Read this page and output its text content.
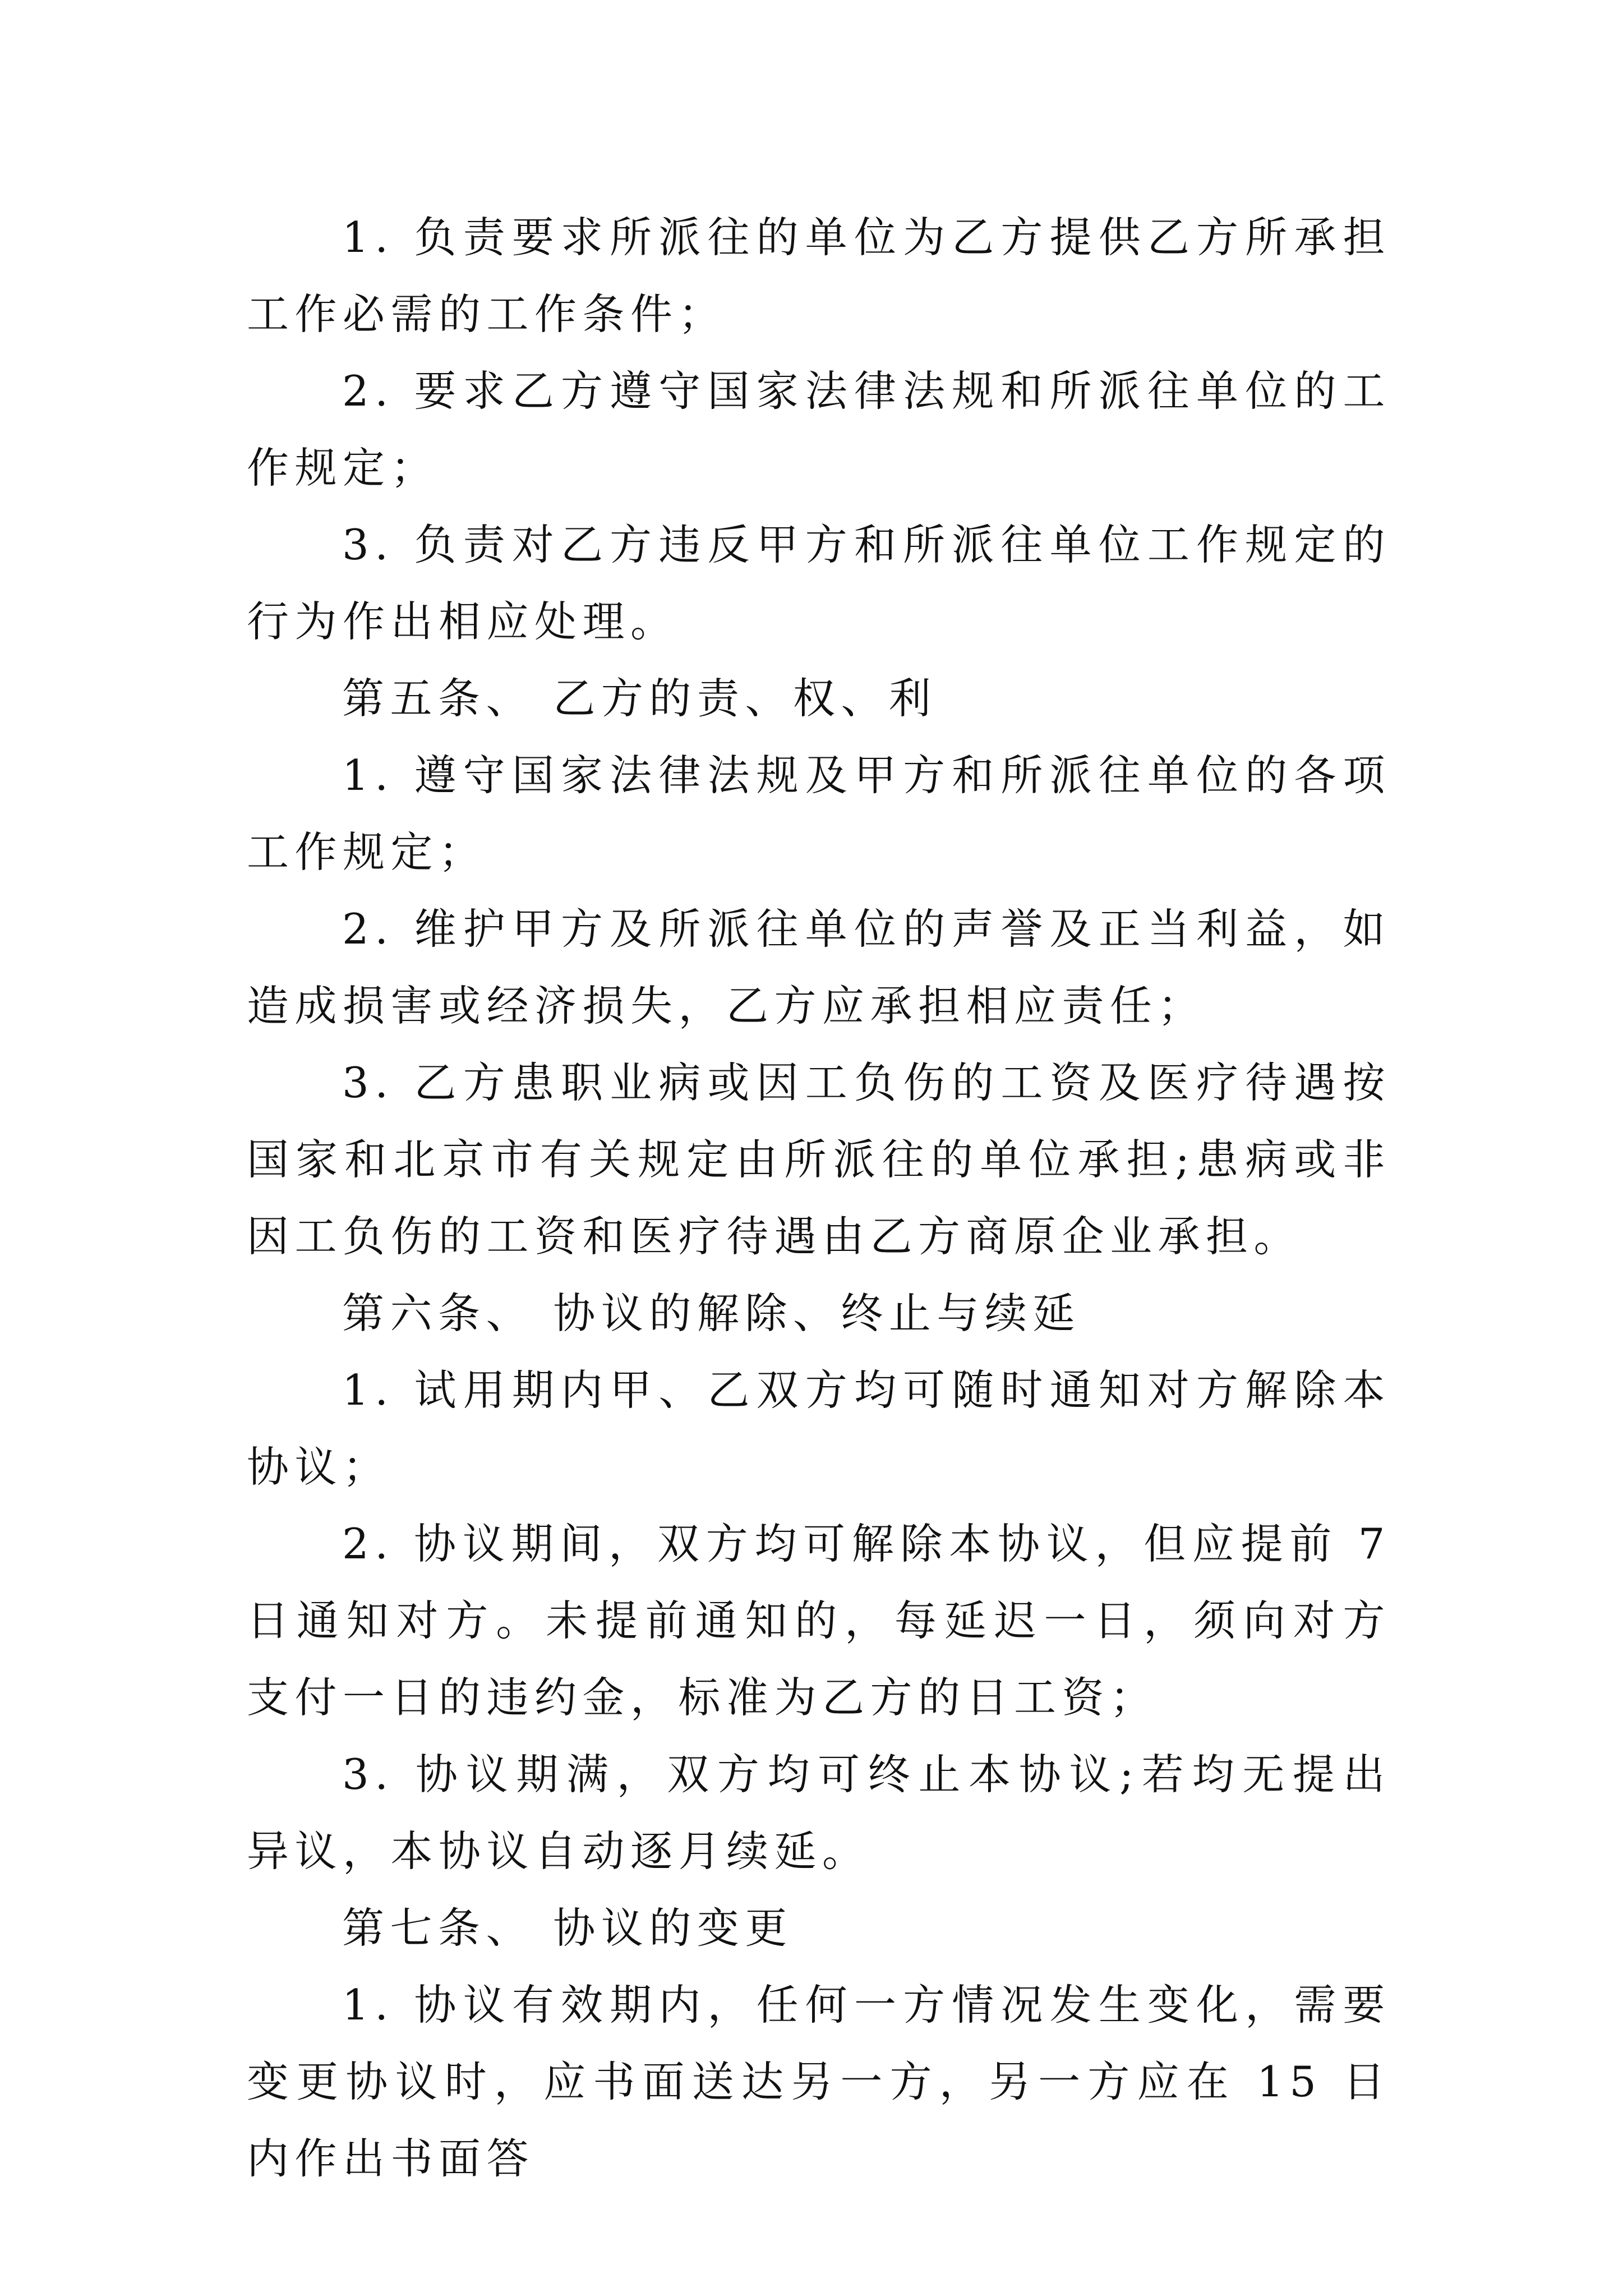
1. 负责要求所派往的单位为乙方提供乙方所承担工作必需的工作条件；

2. 要求乙方遵守国家法律法规和所派往单位的工作规定；

3. 负责对乙方违反甲方和所派往单位工作规定的行为作出相应处理。

第五条、 乙方的责、权、利

1. 遵守国家法律法规及甲方和所派往单位的各项工作规定；

2. 维护甲方及所派往单位的声誉及正当利益，如造成损害或经济损失，乙方应承担相应责任；

3. 乙方患职业病或因工负伤的工资及医疗待遇按国家和北京市有关规定由所派往的单位承担;患病或非因工负伤的工资和医疗待遇由乙方商原企业承担。

第六条、 协议的解除、终止与续延

1. 试用期内甲、乙双方均可随时通知对方解除本协议；

2. 协议期间，双方均可解除本协议，但应提前 7 日通知对方。未提前通知的，每延迟一日，须向对方支付一日的违约金，标准为乙方的日工资；

3. 协议期满，双方均可终止本协议;若均无提出异议，本协议自动逐月续延。

第七条、 协议的变更

1. 协议有效期内，任何一方情况发生变化，需要变更协议时，应书面送达另一方，另一方应在 15 日内作出书面答
